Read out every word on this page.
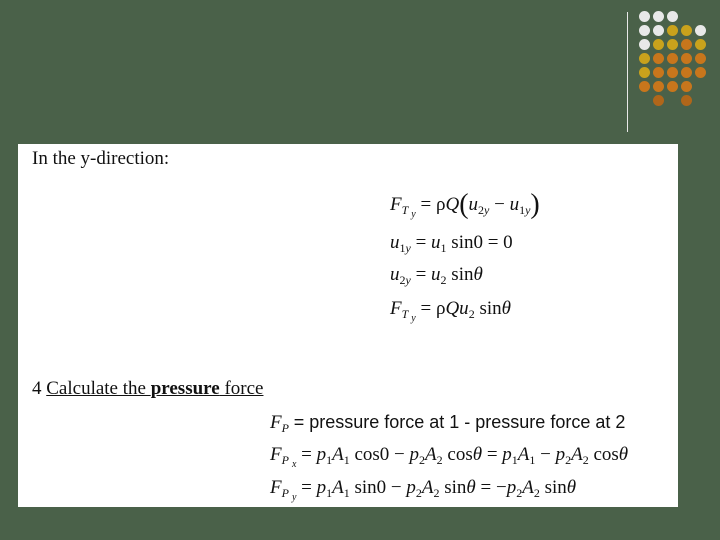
In the y-direction:
$F_{T _y} = \rho Q(u_{2y} - u_{1y})$
$u_{1y} = u_1$ sin0 = 0
$u_{2y} = u_2$ sinθ
$F_{T _y} = \rho Qu_2$ sinθ
4 Calculate the pressure force
$F_P$ = pressure force at 1 - pressure force at 2
$F_{P _x} = p_1A_1$ $\cos 0 - p_2A_2$ $\cos\theta = p_1A_1 - p_2A_2$ cosθ
$F_{P _y} = p_1A_1$ $\sin 0 - p_2A_2$ $\sin\theta = -p_2A_2$ sinθ
